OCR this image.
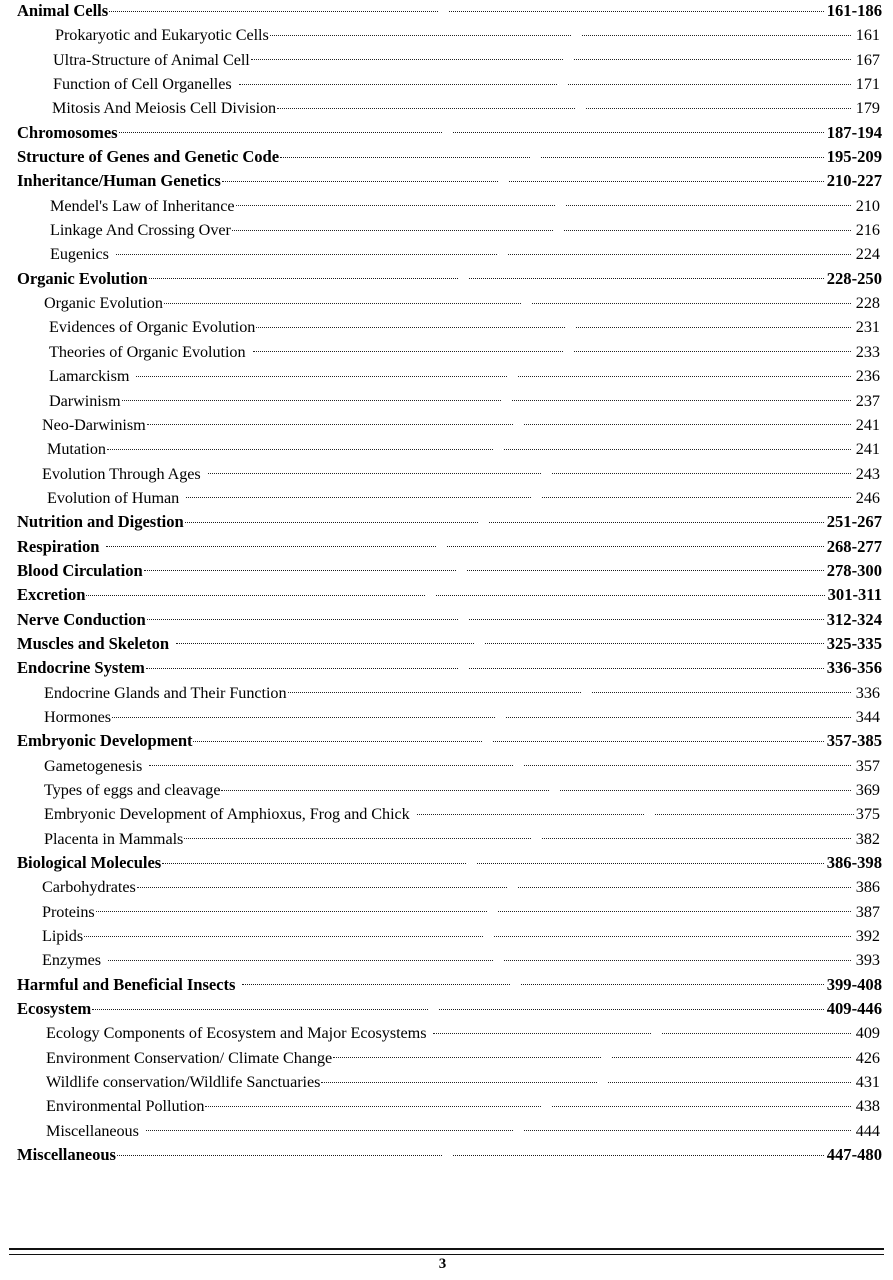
Animal Cells	161-186
Prokaryotic and Eukaryotic Cells	161
Ultra-Structure of Animal Cell	167
Function of Cell Organelles	171
Mitosis And Meiosis Cell Division	179
Chromosomes	187-194
Structure of Genes and Genetic Code	195-209
Inheritance/Human Genetics	210-227
Mendel's Law of Inheritance	210
Linkage And Crossing Over	216
Eugenics	224
Organic Evolution	228-250
Organic Evolution	228
Evidences of Organic Evolution	231
Theories of Organic Evolution	233
Lamarckism	236
Darwinism	237
Neo-Darwinism	241
Mutation	241
Evolution Through Ages	243
Evolution of Human	246
Nutrition and Digestion	251-267
Respiration	268-277
Blood Circulation	278-300
Excretion	301-311
Nerve Conduction	312-324
Muscles and Skeleton	325-335
Endocrine System	336-356
Endocrine Glands and Their Function	336
Hormones	344
Embryonic Development	357-385
Gametogenesis	357
Types of eggs and cleavage	369
Embryonic Development of Amphioxus, Frog and Chick	375
Placenta in Mammals	382
Biological Molecules	386-398
Carbohydrates	386
Proteins	387
Lipids	392
Enzymes	393
Harmful and Beneficial Insects	399-408
Ecosystem	409-446
Ecology Components of Ecosystem and Major Ecosystems	409
Environment Conservation/ Climate Change	426
Wildlife conservation/Wildlife Sanctuaries	431
Environmental Pollution	438
Miscellaneous	444
Miscellaneous	447-480
3
